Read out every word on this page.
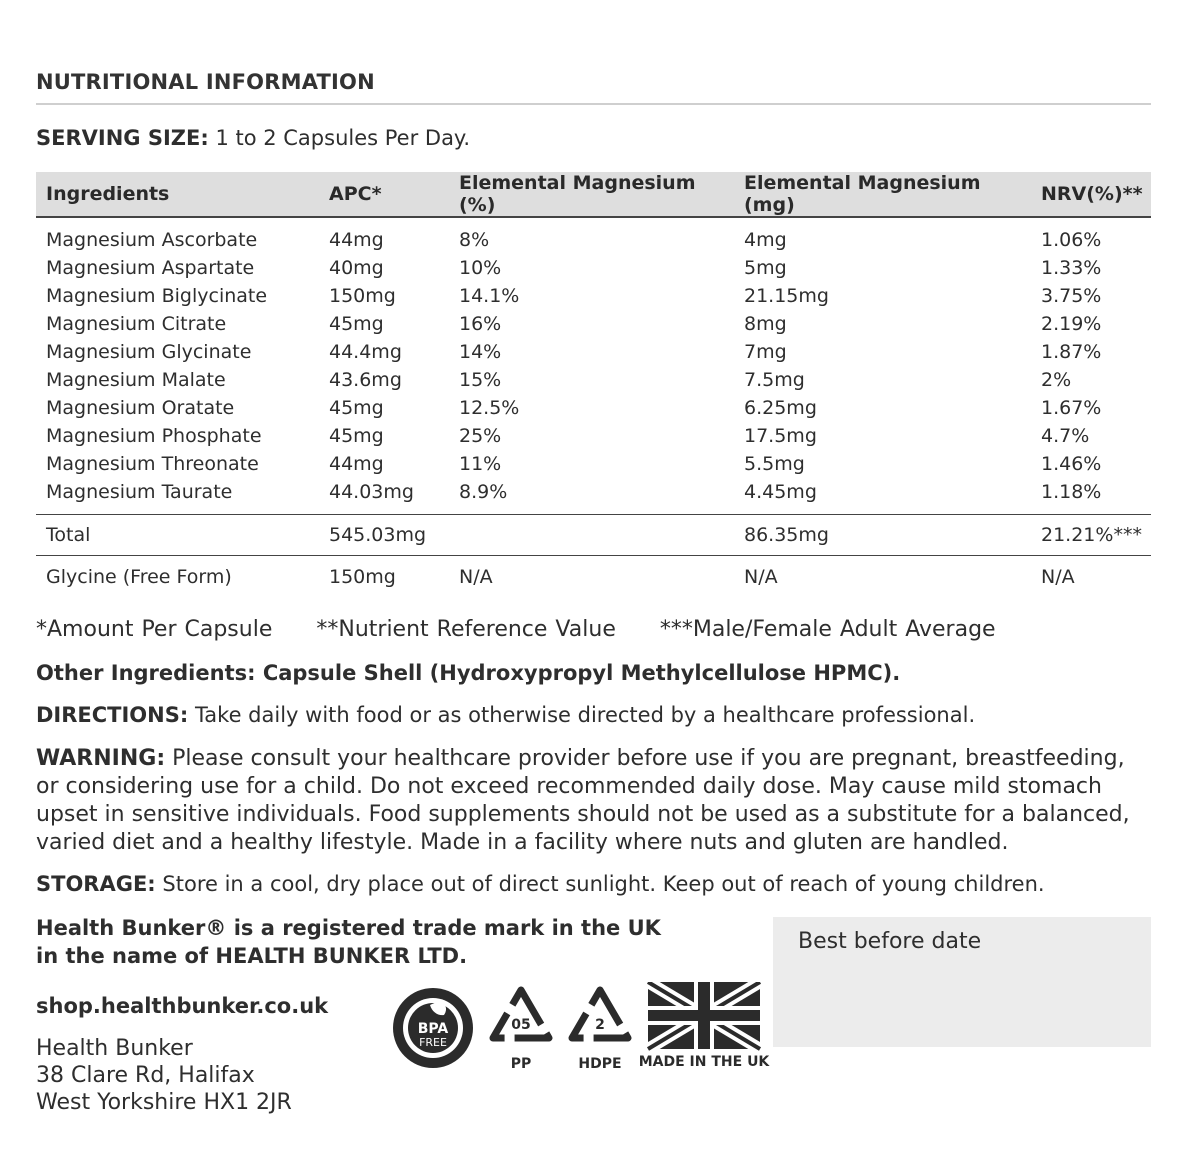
NUTRITIONAL INFORMATION
SERVING SIZE: 1 to 2 Capsules Per Day.
Ingredients	APC*	Elemental Magnesium (%)	Elemental Magnesium (mg)	NRV(%)**
Magnesium Ascorbate	44mg	8%	4mg	1.06%
Magnesium Aspartate	40mg	10%	5mg	1.33%
Magnesium Biglycinate	150mg	14.1%	21.15mg	3.75%
Magnesium Citrate	45mg	16%	8mg	2.19%
Magnesium Glycinate	44.4mg	14%	7mg	1.87%
Magnesium Malate	43.6mg	15%	7.5mg	2%
Magnesium Oratate	45mg	12.5%	6.25mg	1.67%
Magnesium Phosphate	45mg	25%	17.5mg	4.7%
Magnesium Threonate	44mg	11%	5.5mg	1.46%
Magnesium Taurate	44.03mg	8.9%	4.45mg	1.18%
Total	545.03mg		86.35mg	21.21%***
Glycine (Free Form)	150mg	N/A	N/A	N/A
*Amount Per Capsule **Nutrient Reference Value ***Male/Female Adult Average
Other Ingredients: Capsule Shell (Hydroxypropyl Methylcellulose HPMC).
DIRECTIONS: Take daily with food or as otherwise directed by a healthcare professional.
WARNING: Please consult your healthcare provider before use if you are pregnant, breastfeeding, or considering use for a child. Do not exceed recommended daily dose. May cause mild stomach upset in sensitive individuals. Food supplements should not be used as a substitute for a balanced, varied diet and a healthy lifestyle. Made in a facility where nuts and gluten are handled.
STORAGE: Store in a cool, dry place out of direct sunlight. Keep out of reach of young children.
Health Bunker® is a registered trade mark in the UK
in the name of HEALTH BUNKER LTD.
Best before date
shop.healthbunker.co.uk
Health Bunker
38 Clare Rd, Halifax
West Yorkshire HX1 2JR
BPA
FREE
05
PP
2
HDPE MADE IN THE UK
